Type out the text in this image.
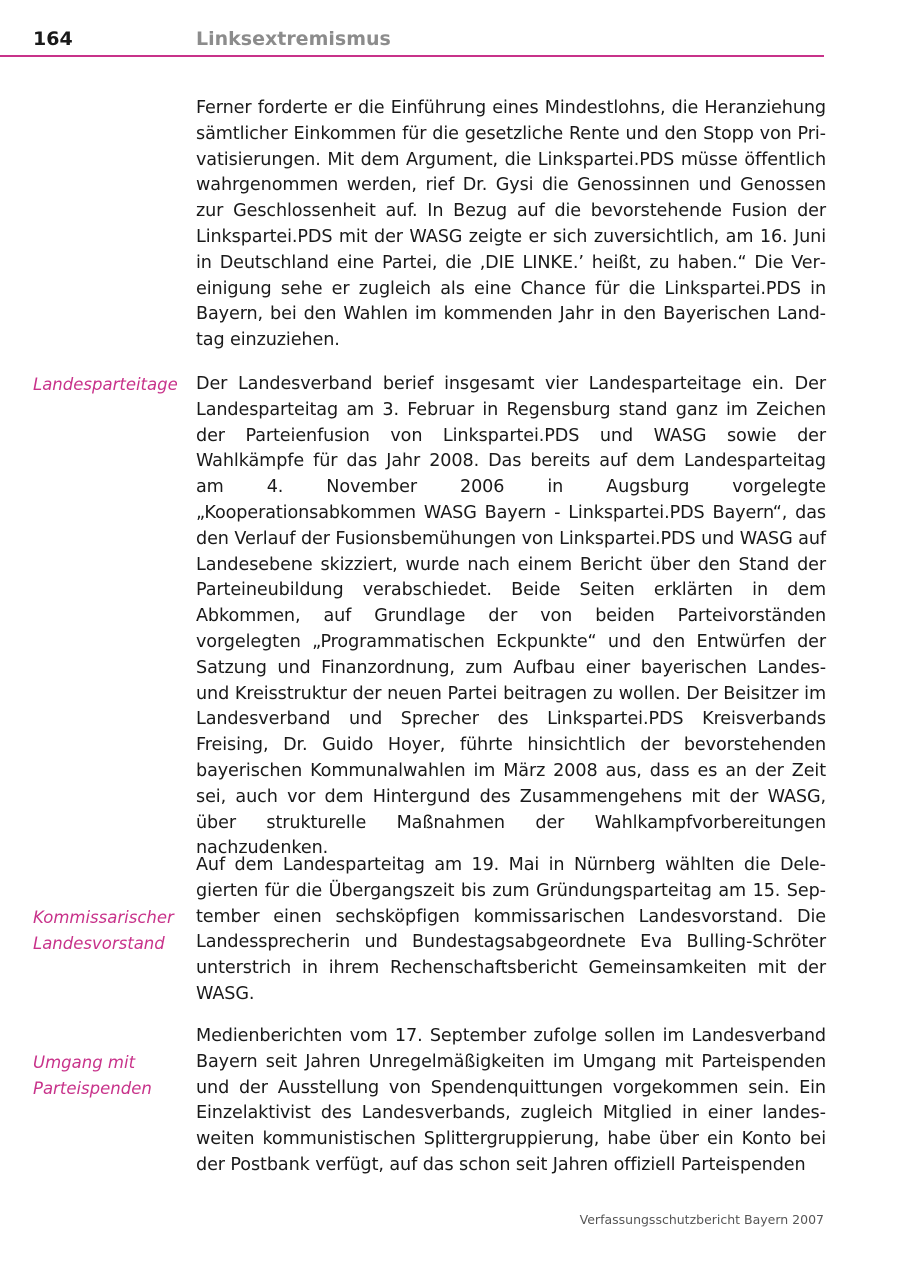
164	Linksextremismus

Ferner forderte er die Einführung eines Mindestlohns, die Heranziehung sämtlicher Einkommen für die gesetzliche Rente und den Stopp von Privatisierungen. Mit dem Argument, die Linkspartei.PDS müsse öffentlich wahrgenommen werden, rief Dr. Gysi die Genossinnen und Genossen zur Geschlossenheit auf. In Bezug auf die bevorstehende Fusion der Linkspartei.PDS mit der WASG zeigte er sich zuversichtlich, am 16. Juni in Deutschland eine Partei, die ‚DIE LINKE.’ heißt, zu haben.“ Die Vereinigung sehe er zugleich als eine Chance für die Linkspartei.PDS in Bayern, bei den Wahlen im kommenden Jahr in den Bayerischen Landtag einzuziehen.

Landesparteitage	Der Landesverband berief insgesamt vier Landesparteitage ein. Der Landesparteitag am 3. Februar in Regensburg stand ganz im Zeichen der Parteienfusion von Linkspartei.PDS und WASG sowie der Wahlkämpfe für das Jahr 2008. Das bereits auf dem Landesparteitag am 4. November 2006 in Augsburg vorgelegte „Kooperationsabkommen WASG Bayern - Linkspartei.PDS Bayern“, das den Verlauf der Fusionsbemühungen von Linkspartei.PDS und WASG auf Landesebene skizziert, wurde nach einem Bericht über den Stand der Parteineubildung verabschiedet. Beide Seiten erklärten in dem Abkommen, auf Grundlage der von beiden Parteivorständen vorgelegten „Programmatischen Eckpunkte“ und den Entwürfen der Satzung und Finanzordnung, zum Aufbau einer bayerischen Landes- und Kreisstruktur der neuen Partei beitragen zu wollen. Der Beisitzer im Landesverband und Sprecher des Linkspartei.PDS Kreisverbands Freising, Dr. Guido Hoyer, führte hinsichtlich der bevorstehenden bayerischen Kommunalwahlen im März 2008 aus, dass es an der Zeit sei, auch vor dem Hintergund des Zusammengehens mit der WASG, über strukturelle Maßnahmen der Wahlkampfvorbereitungen nachzudenken.

Kommissarischer Landesvorstand

Auf dem Landesparteitag am 19. Mai in Nürnberg wählten die Delegierten für die Übergangszeit bis zum Gründungsparteitag am 15. September einen sechsköpfigen kommissarischen Landesvorstand. Die Landessprecherin und Bundestagsabgeordnete Eva Bulling-Schröter unterstrich in ihrem Rechenschaftsbericht Gemeinsamkeiten mit der WASG.

Umgang mit Parteispenden

Medienberichten vom 17. September zufolge sollen im Landesverband Bayern seit Jahren Unregelmäßigkeiten im Umgang mit Parteispenden und der Ausstellung von Spendenquittungen vorgekommen sein. Ein Einzelaktivist des Landesverbands, zugleich Mitglied in einer landesweiten kommunistischen Splittergruppierung, habe über ein Konto bei der Postbank verfügt, auf das schon seit Jahren offiziell Parteispenden

Verfassungsschutzbericht Bayern 2007
